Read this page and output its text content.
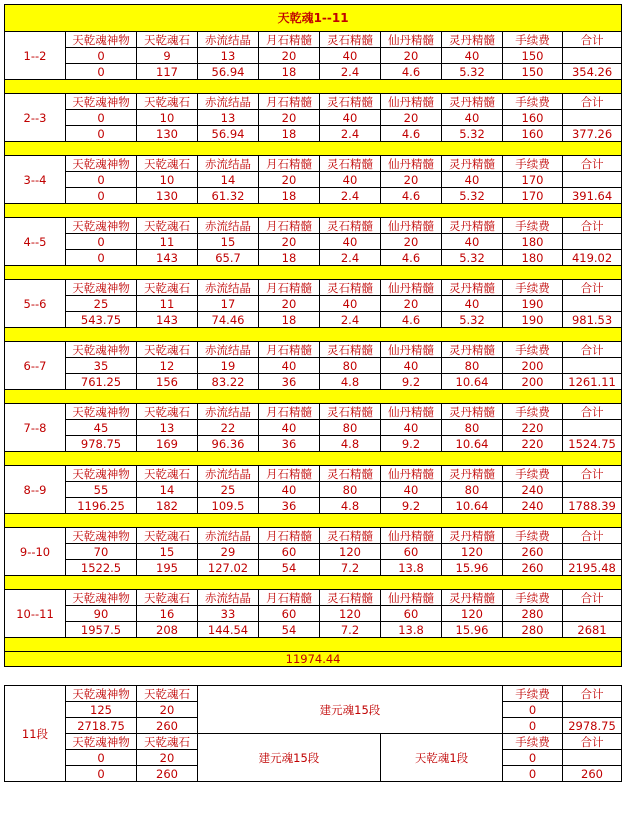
天乾魂1--11									
1--2	天乾魂神物	天乾魂石	赤流结晶	月石精髓	灵石精髓	仙丹精髓	灵丹精髓	手续费	合计
	0	9	13	20	40	20	40	150	
	0	117	56.94	18	2.4	4.6	5.32	150	354.26

2--3	天乾魂神物	天乾魂石	赤流结晶	月石精髓	灵石精髓	仙丹精髓	灵丹精髓	手续费	合计
	0	10	13	20	40	20	40	160	
	0	130	56.94	18	2.4	4.6	5.32	160	377.26

3--4	天乾魂神物	天乾魂石	赤流结晶	月石精髓	灵石精髓	仙丹精髓	灵丹精髓	手续费	合计
	0	10	14	20	40	20	40	170	
	0	130	61.32	18	2.4	4.6	5.32	170	391.64

4--5	天乾魂神物	天乾魂石	赤流结晶	月石精髓	灵石精髓	仙丹精髓	灵丹精髓	手续费	合计
	0	11	15	20	40	20	40	180	
	0	143	65.7	18	2.4	4.6	5.32	180	419.02

5--6	天乾魂神物	天乾魂石	赤流结晶	月石精髓	灵石精髓	仙丹精髓	灵丹精髓	手续费	合计
	25	11	17	20	40	20	40	190	
	543.75	143	74.46	18	2.4	4.6	5.32	190	981.53

6--7	天乾魂神物	天乾魂石	赤流结晶	月石精髓	灵石精髓	仙丹精髓	灵丹精髓	手续费	合计
	35	12	19	40	80	40	80	200	
	761.25	156	83.22	36	4.8	9.2	10.64	200	1261.11

7--8	天乾魂神物	天乾魂石	赤流结晶	月石精髓	灵石精髓	仙丹精髓	灵丹精髓	手续费	合计
	45	13	22	40	80	40	80	220	
	978.75	169	96.36	36	4.8	9.2	10.64	220	1524.75

8--9	天乾魂神物	天乾魂石	赤流结晶	月石精髓	灵石精髓	仙丹精髓	灵丹精髓	手续费	合计
	55	14	25	40	80	40	80	240	
	1196.25	182	109.5	36	4.8	9.2	10.64	240	1788.39

9--10	天乾魂神物	天乾魂石	赤流结晶	月石精髓	灵石精髓	仙丹精髓	灵丹精髓	手续费	合计
	70	15	29	60	120	60	120	260	
	1522.5	195	127.02	54	7.2	13.8	15.96	260	2195.48

10--11	天乾魂神物	天乾魂石	赤流结晶	月石精髓	灵石精髓	仙丹精髓	灵丹精髓	手续费	合计
	90	16	33	60	120	60	120	280	
	1957.5	208	144.54	54	7.2	13.8	15.96	280	2681

11974.44									
11段	天乾魂神物	天乾魂石	建元魂15段		手续费	合计
	125	20			0	
	2718.75	260			0	2978.75
	天乾魂神物	天乾魂石	建元魂15段	天乾魂1段	手续费	合计
	0	20			0	
	0	260			0	260
